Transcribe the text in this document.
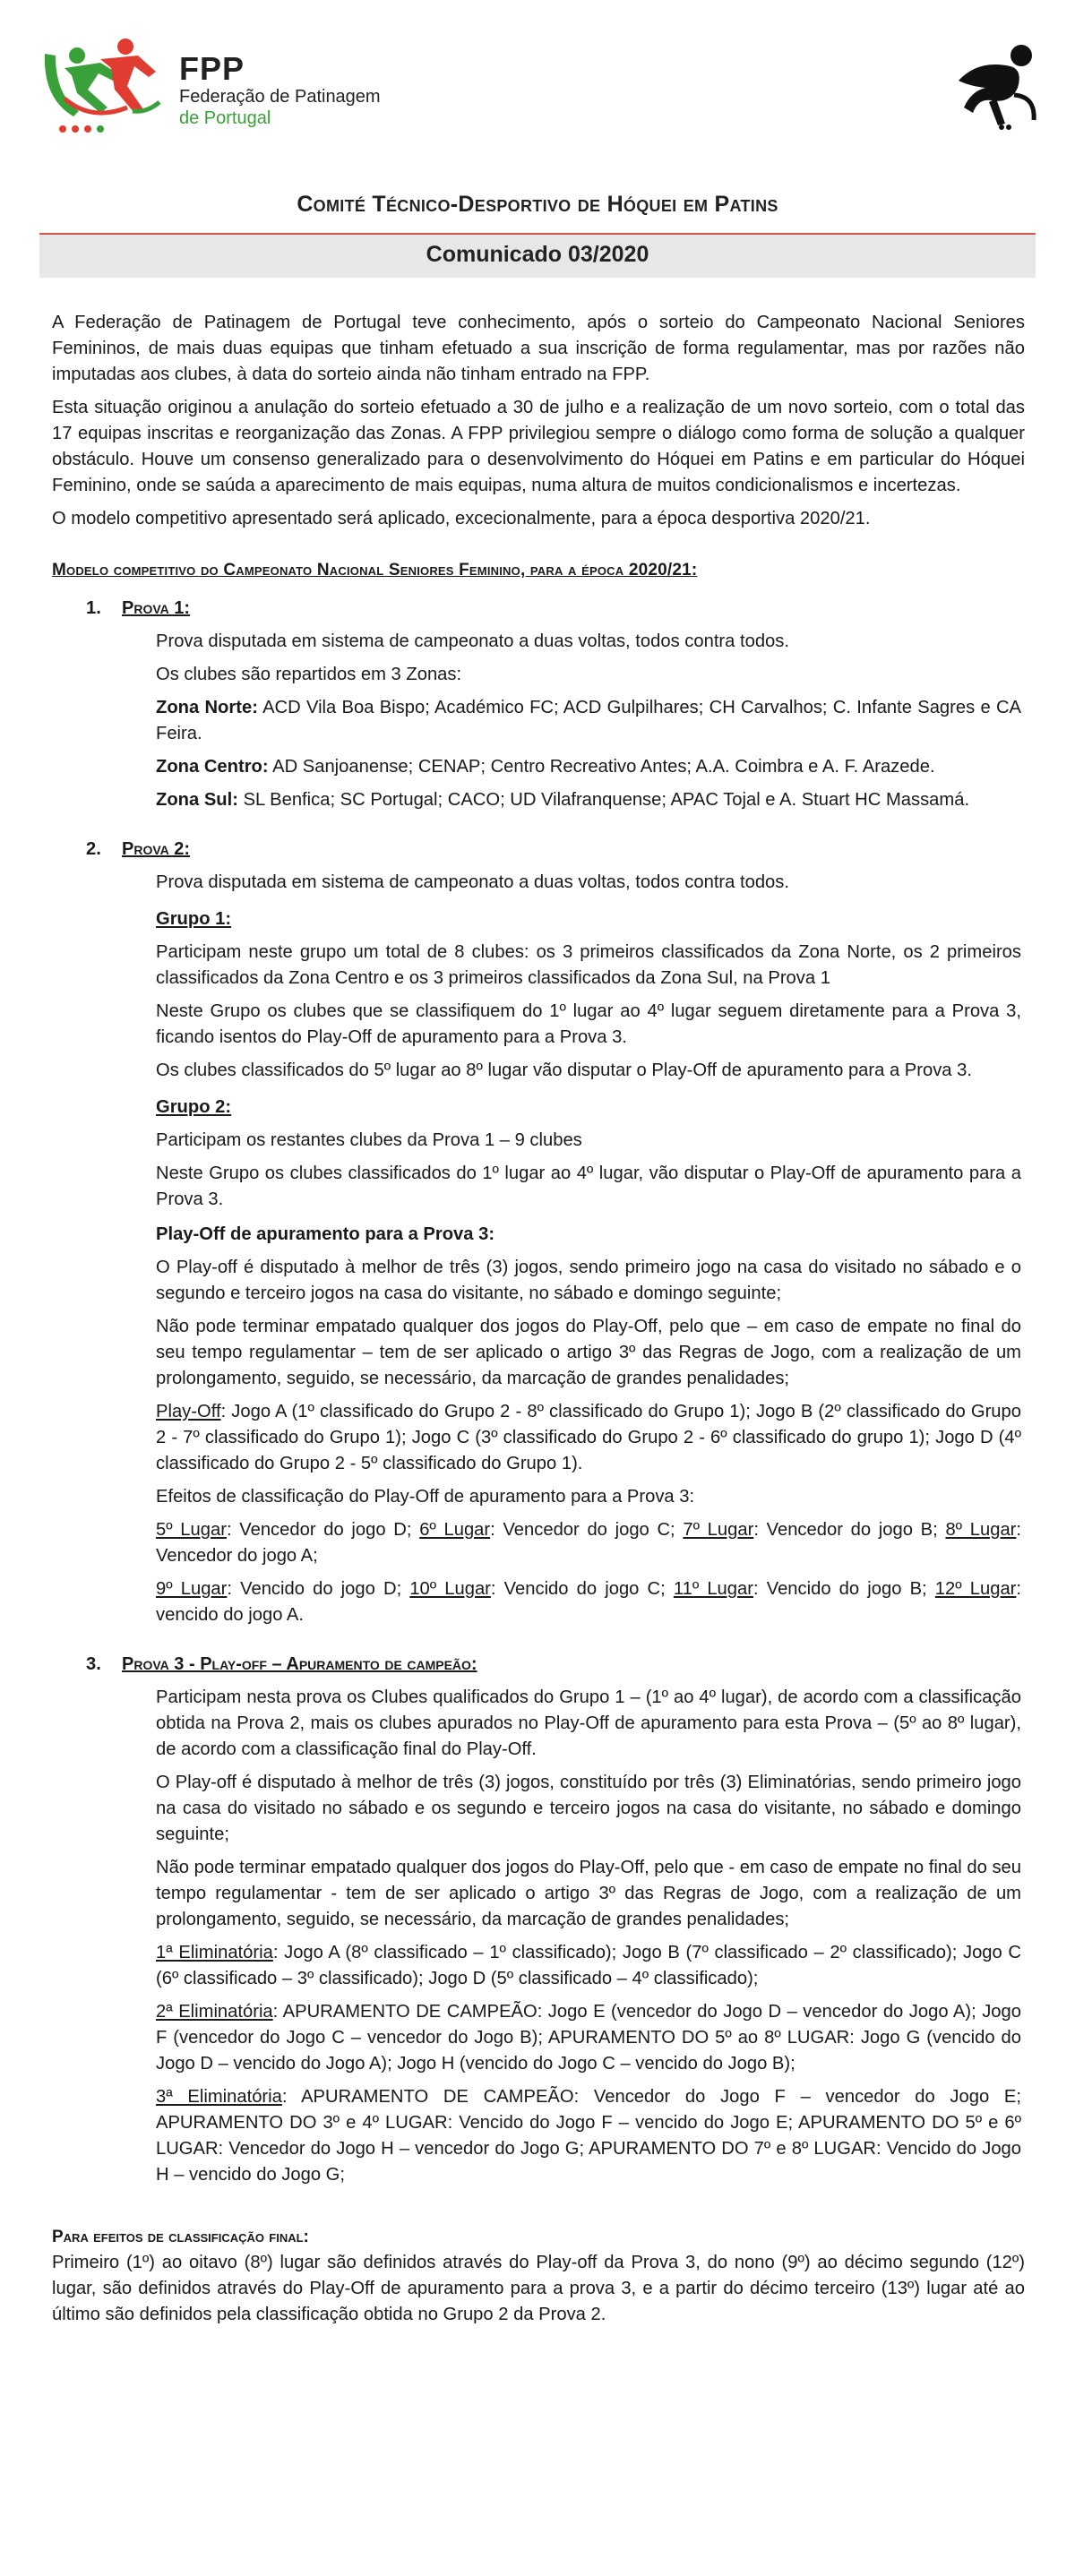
FPP
Federação de Patinagem
de Portugal
Comité Técnico-Desportivo de Hóquei em Patins
Comunicado 03/2020

A Federação de Patinagem de Portugal teve conhecimento, após o sorteio do Campeonato Nacional Seniores Femininos, de mais duas equipas que tinham efetuado a sua inscrição de forma regulamentar, mas por razões não imputadas aos clubes, à data do sorteio ainda não tinham entrado na FPP.

Esta situação originou a anulação do sorteio efetuado a 30 de julho e a realização de um novo sorteio, com o total das 17 equipas inscritas e reorganização das Zonas. A FPP privilegiou sempre o diálogo como forma de solução a qualquer obstáculo. Houve um consenso generalizado para o desenvolvimento do Hóquei em Patins e em particular do Hóquei Feminino, onde se saúda a aparecimento de mais equipas, numa altura de muitos condicionalismos e incertezas.

O modelo competitivo apresentado será aplicado, excecionalmente, para a época desportiva 2020/21.

Modelo competitivo do Campeonato Nacional Seniores Feminino, para a época 2020/21:
1. Prova 1:

Prova disputada em sistema de campeonato a duas voltas, todos contra todos.

Os clubes são repartidos em 3 Zonas:

Zona Norte: ACD Vila Boa Bispo; Académico FC; ACD Gulpilhares; CH Carvalhos; C. Infante Sagres e CA Feira.

Zona Centro: AD Sanjoanense; CENAP; Centro Recreativo Antes; A.A. Coimbra e A. F. Arazede.

Zona Sul: SL Benfica; SC Portugal; CACO; UD Vilafranquense; APAC Tojal e A. Stuart HC Massamá.

2. Prova 2:

Prova disputada em sistema de campeonato a duas voltas, todos contra todos.

Grupo 1:

Participam neste grupo um total de 8 clubes: os 3 primeiros classificados da Zona Norte, os 2 primeiros classificados da Zona Centro e os 3 primeiros classificados da Zona Sul, na Prova 1

Neste Grupo os clubes que se classifiquem do 1º lugar ao 4º lugar seguem diretamente para a Prova 3, ficando isentos do Play-Off de apuramento para a Prova 3.

Os clubes classificados do 5º lugar ao 8º lugar vão disputar o Play-Off de apuramento para a Prova 3.

Grupo 2:

Participam os restantes clubes da Prova 1 – 9 clubes

Neste Grupo os clubes classificados do 1º lugar ao 4º lugar, vão disputar o Play-Off de apuramento para a Prova 3.

Play-Off de apuramento para a Prova 3:

O Play-off é disputado à melhor de três (3) jogos, sendo primeiro jogo na casa do visitado no sábado e o segundo e terceiro jogos na casa do visitante, no sábado e domingo seguinte;

Não pode terminar empatado qualquer dos jogos do Play-Off, pelo que – em caso de empate no final do seu tempo regulamentar – tem de ser aplicado o artigo 3º das Regras de Jogo, com a realização de um prolongamento, seguido, se necessário, da marcação de grandes penalidades;

Play-Off: Jogo A (1º classificado do Grupo 2 - 8º classificado do Grupo 1); Jogo B (2º classificado do Grupo 2 - 7º classificado do Grupo 1); Jogo C (3º classificado do Grupo 2 - 6º classificado do grupo 1); Jogo D (4º classificado do Grupo 2 - 5º classificado do Grupo 1).

Efeitos de classificação do Play-Off de apuramento para a Prova 3:

5º Lugar: Vencedor do jogo D; 6º Lugar: Vencedor do jogo C; 7º Lugar: Vencedor do jogo B; 8º Lugar: Vencedor do jogo A;

9º Lugar: Vencido do jogo D; 10º Lugar: Vencido do jogo C; 11º Lugar: Vencido do jogo B; 12º Lugar: vencido do jogo A.

3. Prova 3 - Play-off – Apuramento de campeão:

Participam nesta prova os Clubes qualificados do Grupo 1 – (1º ao 4º lugar), de acordo com a classificação obtida na Prova 2, mais os clubes apurados no Play-Off de apuramento para esta Prova – (5º ao 8º lugar), de acordo com a classificação final do Play-Off.

O Play-off é disputado à melhor de três (3) jogos, constituído por três (3) Eliminatórias, sendo primeiro jogo na casa do visitado no sábado e os segundo e terceiro jogos na casa do visitante, no sábado e domingo seguinte;

Não pode terminar empatado qualquer dos jogos do Play-Off, pelo que - em caso de empate no final do seu tempo regulamentar - tem de ser aplicado o artigo 3º das Regras de Jogo, com a realização de um prolongamento, seguido, se necessário, da marcação de grandes penalidades;

1ª Eliminatória: Jogo A (8º classificado – 1º classificado); Jogo B (7º classificado – 2º classificado); Jogo C (6º classificado – 3º classificado); Jogo D (5º classificado – 4º classificado);

2ª Eliminatória: APURAMENTO DE CAMPEÃO: Jogo E (vencedor do Jogo D – vencedor do Jogo A); Jogo F (vencedor do Jogo C – vencedor do Jogo B); APURAMENTO DO 5º ao 8º LUGAR: Jogo G (vencido do Jogo D – vencido do Jogo A); Jogo H (vencido do Jogo C – vencido do Jogo B);

3ª Eliminatória: APURAMENTO DE CAMPEÃO: Vencedor do Jogo F – vencedor do Jogo E; APURAMENTO DO 3º e 4º LUGAR: Vencido do Jogo F – vencido do Jogo E; APURAMENTO DO 5º e 6º LUGAR: Vencedor do Jogo H – vencedor do Jogo G; APURAMENTO DO 7º e 8º LUGAR: Vencido do Jogo H – vencido do Jogo G;

Para efeitos de classificação final:

Primeiro (1º) ao oitavo (8º) lugar são definidos através do Play-off da Prova 3, do nono (9º) ao décimo segundo (12º) lugar, são definidos através do Play-Off de apuramento para a prova 3, e a partir do décimo terceiro (13º) lugar até ao último são definidos pela classificação obtida no Grupo 2 da Prova 2.
